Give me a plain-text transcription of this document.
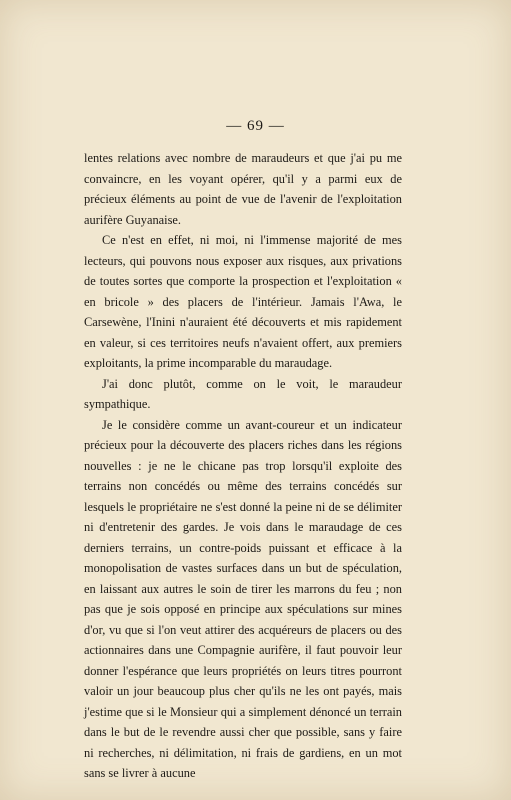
— 69 —

lentes relations avec nombre de maraudeurs et que j'ai pu me convaincre, en les voyant opérer, qu'il y a parmi eux de précieux éléments au point de vue de l'avenir de l'exploitation aurifère Guyanaise.

Ce n'est en effet, ni moi, ni l'immense majorité de mes lecteurs, qui pouvons nous exposer aux risques, aux privations de toutes sortes que comporte la prospection et l'exploitation « en bricole » des placers de l'intérieur. Jamais l'Awa, le Carsewène, l'Inini n'auraient été découverts et mis rapidement en valeur, si ces territoires neufs n'avaient offert, aux premiers exploitants, la prime incomparable du maraudage.

J'ai donc plutôt, comme on le voit, le maraudeur sympathique.

Je le considère comme un avant-coureur et un indicateur précieux pour la découverte des placers riches dans les régions nouvelles : je ne le chicane pas trop lorsqu'il exploite des terrains non concédés ou même des terrains concédés sur lesquels le propriétaire ne s'est donné la peine ni de se délimiter ni d'entretenir des gardes. Je vois dans le maraudage de ces derniers terrains, un contre-poids puissant et efficace à la monopolisation de vastes surfaces dans un but de spéculation, en laissant aux autres le soin de tirer les marrons du feu ; non pas que je sois opposé en principe aux spéculations sur mines d'or, vu que si l'on veut attirer des acquéreurs de placers ou des actionnaires dans une Compagnie aurifère, il faut pouvoir leur donner l'espérance que leurs propriétés on leurs titres pourront valoir un jour beaucoup plus cher qu'ils ne les ont payés, mais j'estime que si le Monsieur qui a simplement dénoncé un terrain dans le but de le revendre aussi cher que possible, sans y faire ni recherches, ni délimitation, ni frais de gardiens, en un mot sans se livrer à aucune
